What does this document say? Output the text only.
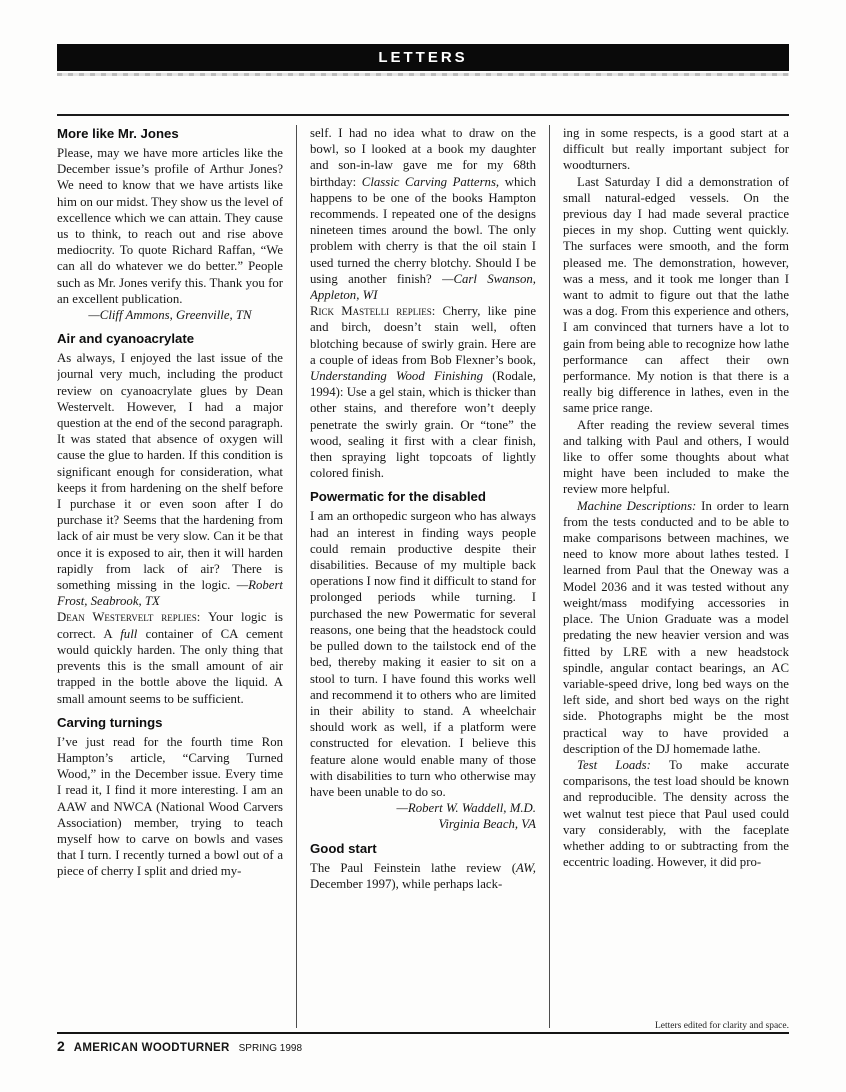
LETTERS
More like Mr. Jones

Please, may we have more articles like the December issue’s profile of Arthur Jones? We need to know that we have artists like him on our midst. They show us the level of excellence which we can attain. They cause us to think, to reach out and rise above mediocrity. To quote Richard Raffan, “We can all do whatever we do better.” People such as Mr. Jones verify this. Thank you for an excellent publication.

—Cliff Ammons, Greenville, TN
Air and cyanoacrylate

As always, I enjoyed the last issue of the journal very much, including the product review on cyanoacrylate glues by Dean Westervelt. However, I had a major question at the end of the second paragraph. It was stated that absence of oxygen will cause the glue to harden. If this condition is significant enough for consideration, what keeps it from hardening on the shelf before I purchase it or even soon after I do purchase it? Seems that the hardening from lack of air must be very slow. Can it be that once it is exposed to air, then it will harden rapidly from lack of air? There is something missing in the logic. —Robert Frost, Seabrook, TX

Dean Westervelt replies: Your logic is correct. A full container of CA cement would quickly harden. The only thing that prevents this is the small amount of air trapped in the bottle above the liquid. A small amount seems to be sufficient.

Carving turnings

I’ve just read for the fourth time Ron Hampton’s article, “Carving Turned Wood,” in the December issue. Every time I read it, I find it more interesting. I am an AAW and NWCA (National Wood Carvers Association) member, trying to teach myself how to carve on bowls and vases that I turn. I recently turned a bowl out of a piece of cherry I split and dried my-

self. I had no idea what to draw on the bowl, so I looked at a book my daughter and son-in-law gave me for my 68th birthday: Classic Carving Patterns, which happens to be one of the books Hampton recommends. I repeated one of the designs nineteen times around the bowl. The only problem with cherry is that the oil stain I used turned the cherry blotchy. Should I be using another finish? —Carl Swanson, Appleton, WI

Rick Mastelli replies: Cherry, like pine and birch, doesn’t stain well, often blotching because of swirly grain. Here are a couple of ideas from Bob Flexner’s book, Understanding Wood Finishing (Rodale, 1994): Use a gel stain, which is thicker than other stains, and therefore won’t deeply penetrate the swirly grain. Or “tone” the wood, sealing it first with a clear finish, then spraying light topcoats of lightly colored finish.

Powermatic for the disabled

I am an orthopedic surgeon who has always had an interest in finding ways people could remain productive despite their disabilities. Because of my multiple back operations I now find it difficult to stand for prolonged periods while turning. I purchased the new Powermatic for several reasons, one being that the headstock could be pulled down to the tailstock end of the bed, thereby making it easier to sit on a stool to turn. I have found this works well and recommend it to others who are limited in their ability to stand. A wheelchair should work as well, if a platform were constructed for elevation. I believe this feature alone would enable many of those with disabilities to turn who otherwise may have been unable to do so.

—Robert W. Waddell, M.D.
Virginia Beach, VA
Good start

The Paul Feinstein lathe review (AW, December 1997), while perhaps lack-

ing in some respects, is a good start at a difficult but really important subject for woodturners.

Last Saturday I did a demonstration of small natural-edged vessels. On the previous day I had made several practice pieces in my shop. Cutting went quickly. The surfaces were smooth, and the form pleased me. The demonstration, however, was a mess, and it took me longer than I want to admit to figure out that the lathe was a dog. From this experience and others, I am convinced that turners have a lot to gain from being able to recognize how lathe performance can affect their own performance. My notion is that there is a really big difference in lathes, even in the same price range.

After reading the review several times and talking with Paul and others, I would like to offer some thoughts about what might have been included to make the review more helpful.

Machine Descriptions: In order to learn from the tests conducted and to be able to make comparisons between machines, we need to know more about lathes tested. I learned from Paul that the Oneway was a Model 2036 and it was tested without any weight/mass modifying accessories in place. The Union Graduate was a model predating the new heavier version and was fitted by LRE with a new headstock spindle, angular contact bearings, an AC variable-speed drive, long bed ways on the left side, and short bed ways on the right side. Photographs might be the most practical way to have provided a description of the DJ homemade lathe.

Test Loads: To make accurate comparisons, the test load should be known and reproducible. The density across the wet walnut test piece that Paul used could vary considerably, with the faceplate whether adding to or subtracting from the eccentric loading. However, it did pro-

Letters edited for clarity and space.
2 AMERICAN WOODTURNER SPRING 1998
